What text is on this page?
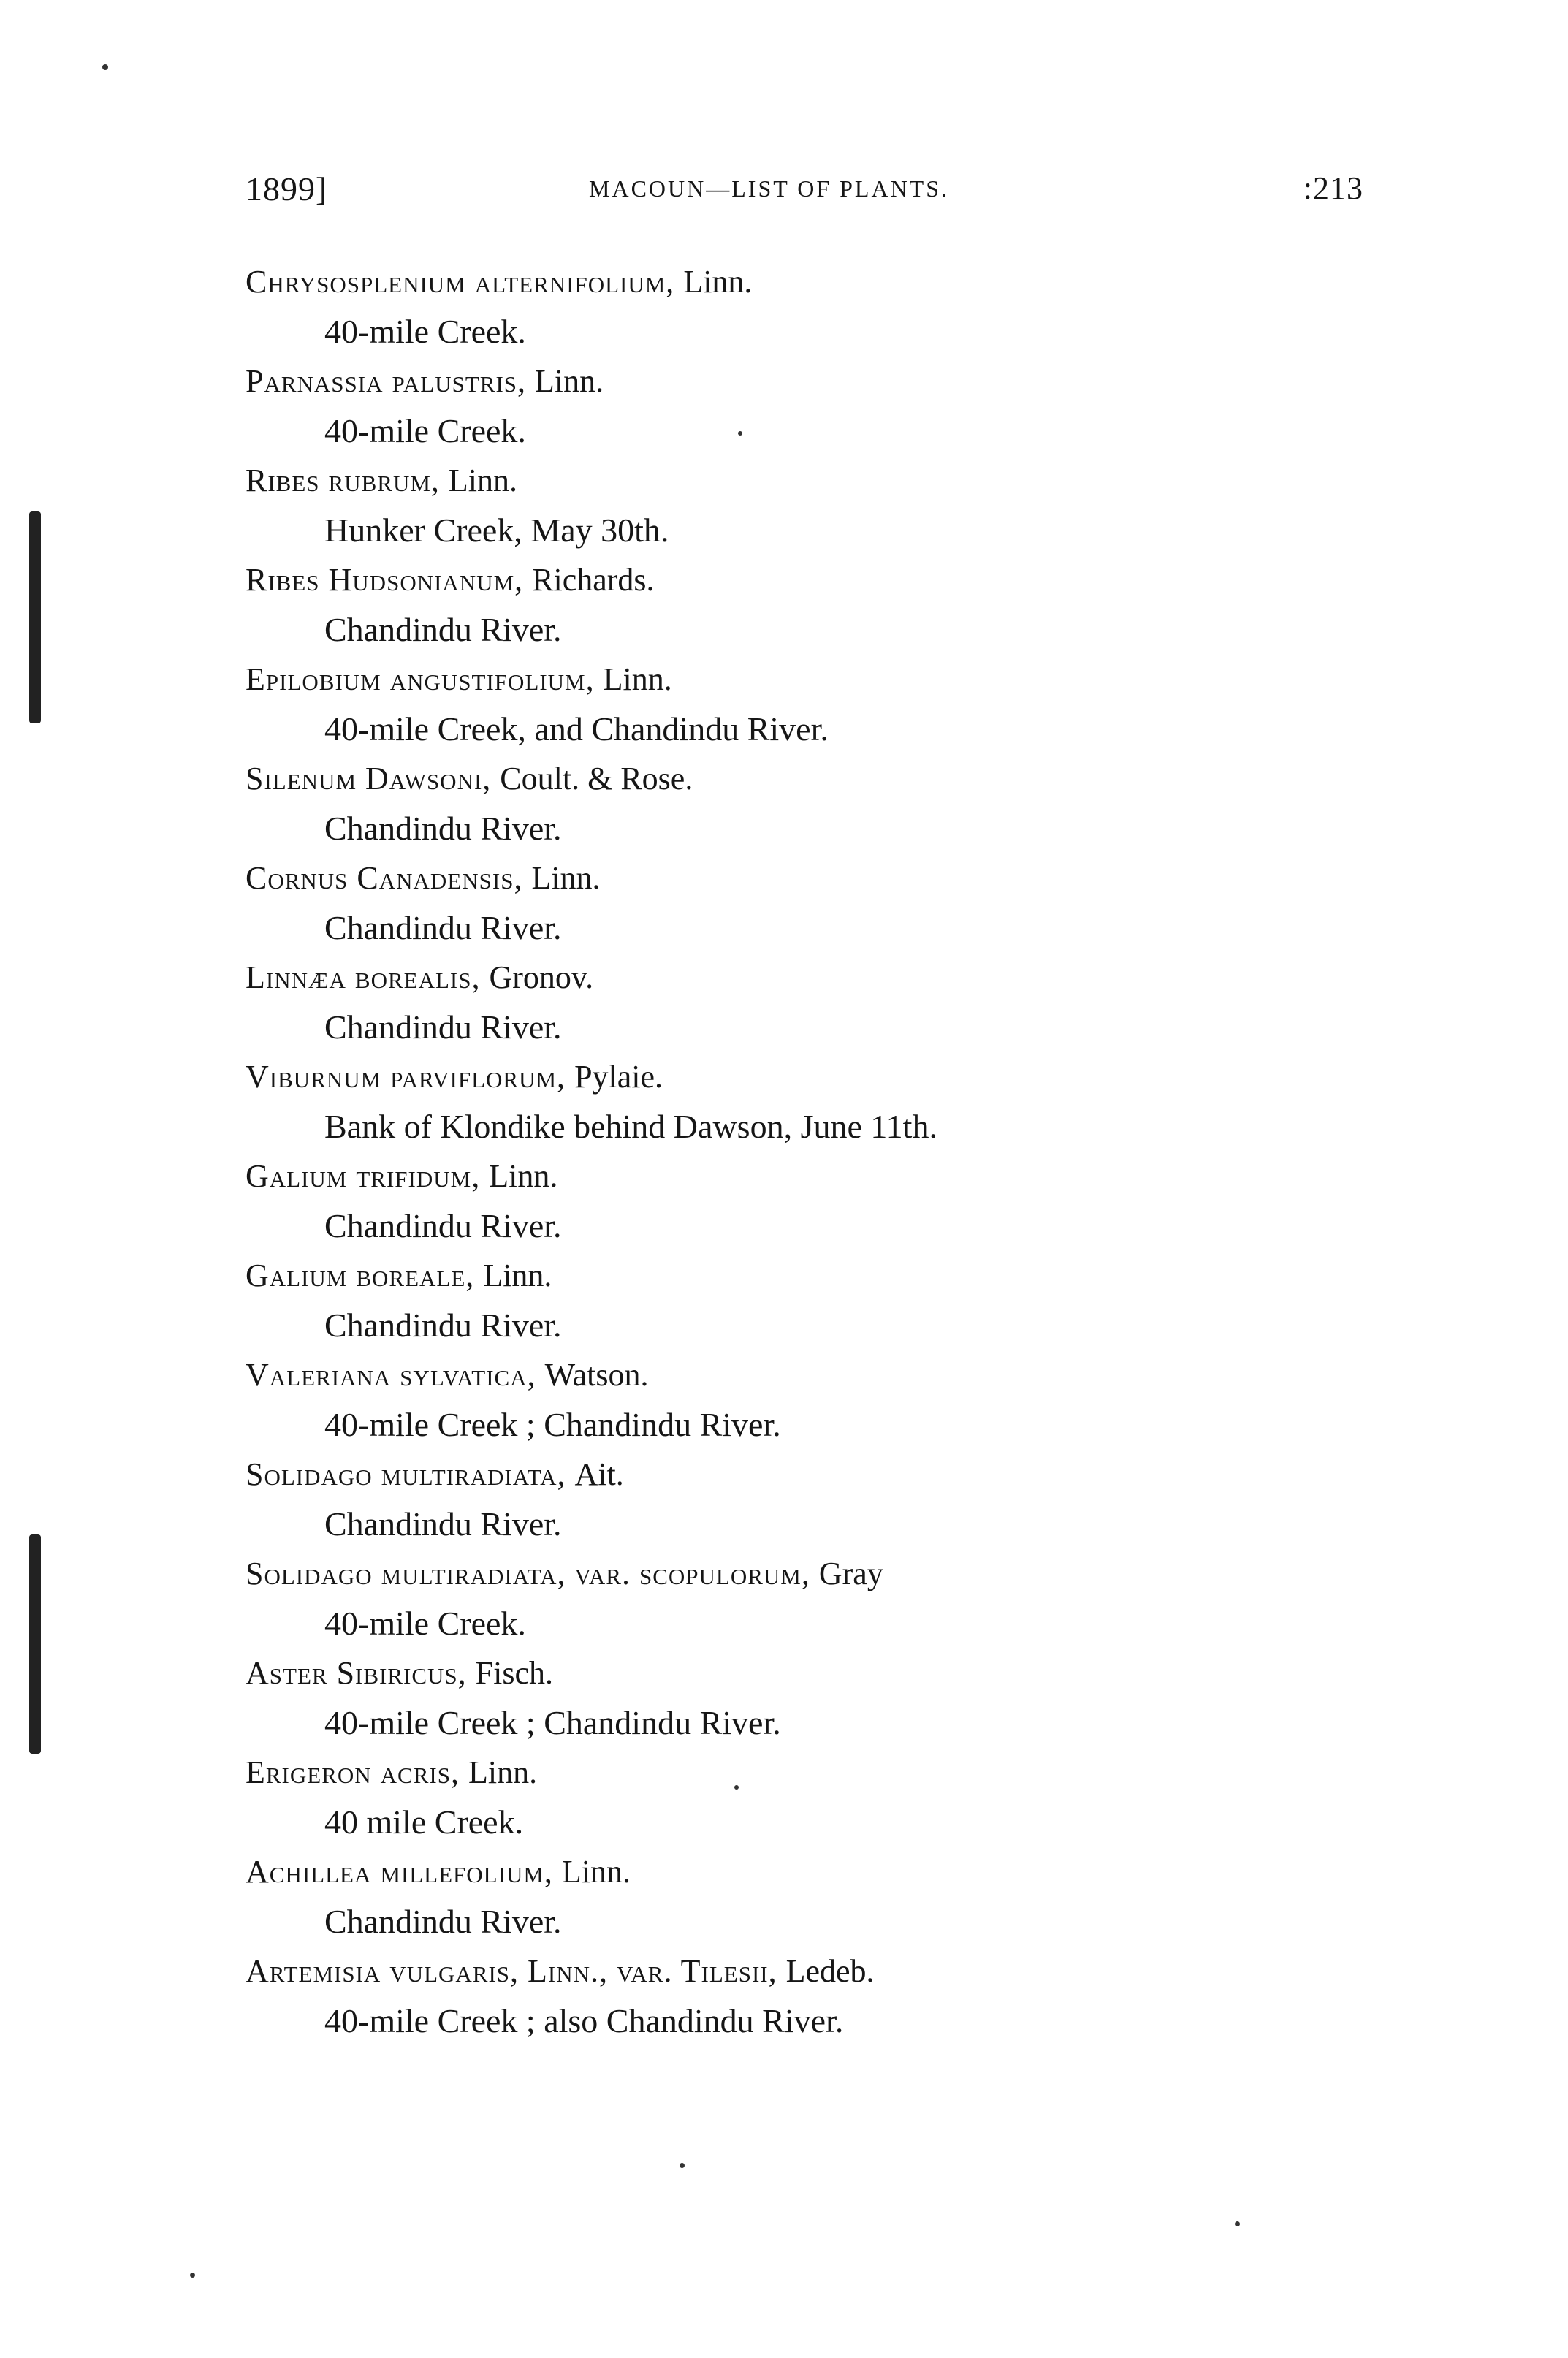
1899]	MACOUN—LIST OF PLANTS.	:213
Chrysosplenium alternifolium, Linn.
40-mile Creek.
Parnassia palustris, Linn.
40-mile Creek.
Ribes rubrum, Linn.
Hunker Creek, May 30th.
Ribes Hudsonianum, Richards.
Chandindu River.
Epilobium angustifolium, Linn.
40-mile Creek, and Chandindu River.
Silenum Dawsoni, Coult. & Rose.
Chandindu River.
Cornus Canadensis, Linn.
Chandindu River.
Linnæa borealis, Gronov.
Chandindu River.
Viburnum parviflorum, Pylaie.
Bank of Klondike behind Dawson, June 11th.
Galium trifidum, Linn.
Chandindu River.
Galium boreale, Linn.
Chandindu River.
Valeriana sylvatica, Watson.
40-mile Creek ; Chandindu River.
Solidago multiradiata, Ait.
Chandindu River.
Solidago multiradiata, var. scopulorum, Gray
40-mile Creek.
Aster Sibiricus, Fisch.
40-mile Creek ; Chandindu River.
Erigeron acris, Linn.
40 mile Creek.
Achillea millefolium, Linn.
Chandindu River.
Artemisia vulgaris, Linn., var. Tilesii, Ledeb.
40-mile Creek ; also Chandindu River.
